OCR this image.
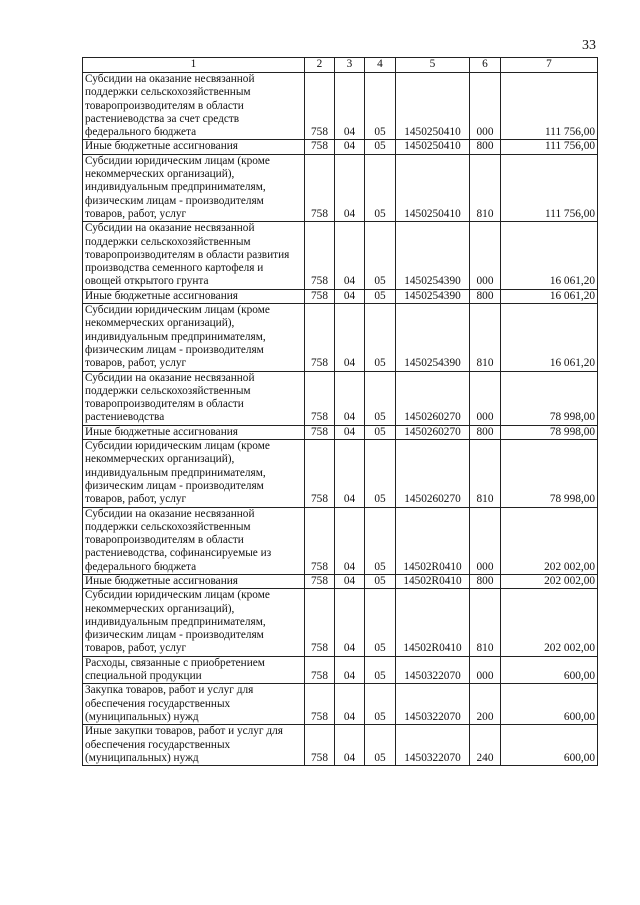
33
1	2	3	4	5	6	7
Субсидии на оказание несвязанной поддержки сельскохозяйственным товаропроизводителям в области растениеводства за счет средств федерального бюджета	758	04	05	1450250410	000	111 756,00
Иные бюджетные ассигнования	758	04	05	1450250410	800	111 756,00
Субсидии юридическим лицам (кроме некоммерческих организаций), индивидуальным предпринимателям, физическим лицам - производителям товаров, работ, услуг	758	04	05	1450250410	810	111 756,00
Субсидии на оказание несвязанной поддержки сельскохозяйственным товаропроизводителям в области развития производства семенного картофеля и овощей открытого грунта	758	04	05	1450254390	000	16 061,20
Иные бюджетные ассигнования	758	04	05	1450254390	800	16 061,20
Субсидии юридическим лицам (кроме некоммерческих организаций), индивидуальным предпринимателям, физическим лицам - производителям товаров, работ, услуг	758	04	05	1450254390	810	16 061,20
Субсидии на оказание несвязанной поддержки сельскохозяйственным товаропроизводителям в области растениеводства	758	04	05	1450260270	000	78 998,00
Иные бюджетные ассигнования	758	04	05	1450260270	800	78 998,00
Субсидии юридическим лицам (кроме некоммерческих организаций), индивидуальным предпринимателям, физическим лицам - производителям товаров, работ, услуг	758	04	05	1450260270	810	78 998,00
Субсидии на оказание несвязанной поддержки сельскохозяйственным товаропроизводителям в области растениеводства, софинансируемые из федерального бюджета	758	04	05	14502R0410	000	202 002,00
Иные бюджетные ассигнования	758	04	05	14502R0410	800	202 002,00
Субсидии юридическим лицам (кроме некоммерческих организаций), индивидуальным предпринимателям, физическим лицам - производителям товаров, работ, услуг	758	04	05	14502R0410	810	202 002,00
Расходы, связанные с приобретением специальной продукции	758	04	05	1450322070	000	600,00
Закупка товаров, работ и услуг для обеспечения государственных (муниципальных) нужд	758	04	05	1450322070	200	600,00
Иные закупки товаров, работ и услуг для обеспечения государственных (муниципальных) нужд	758	04	05	1450322070	240	600,00
